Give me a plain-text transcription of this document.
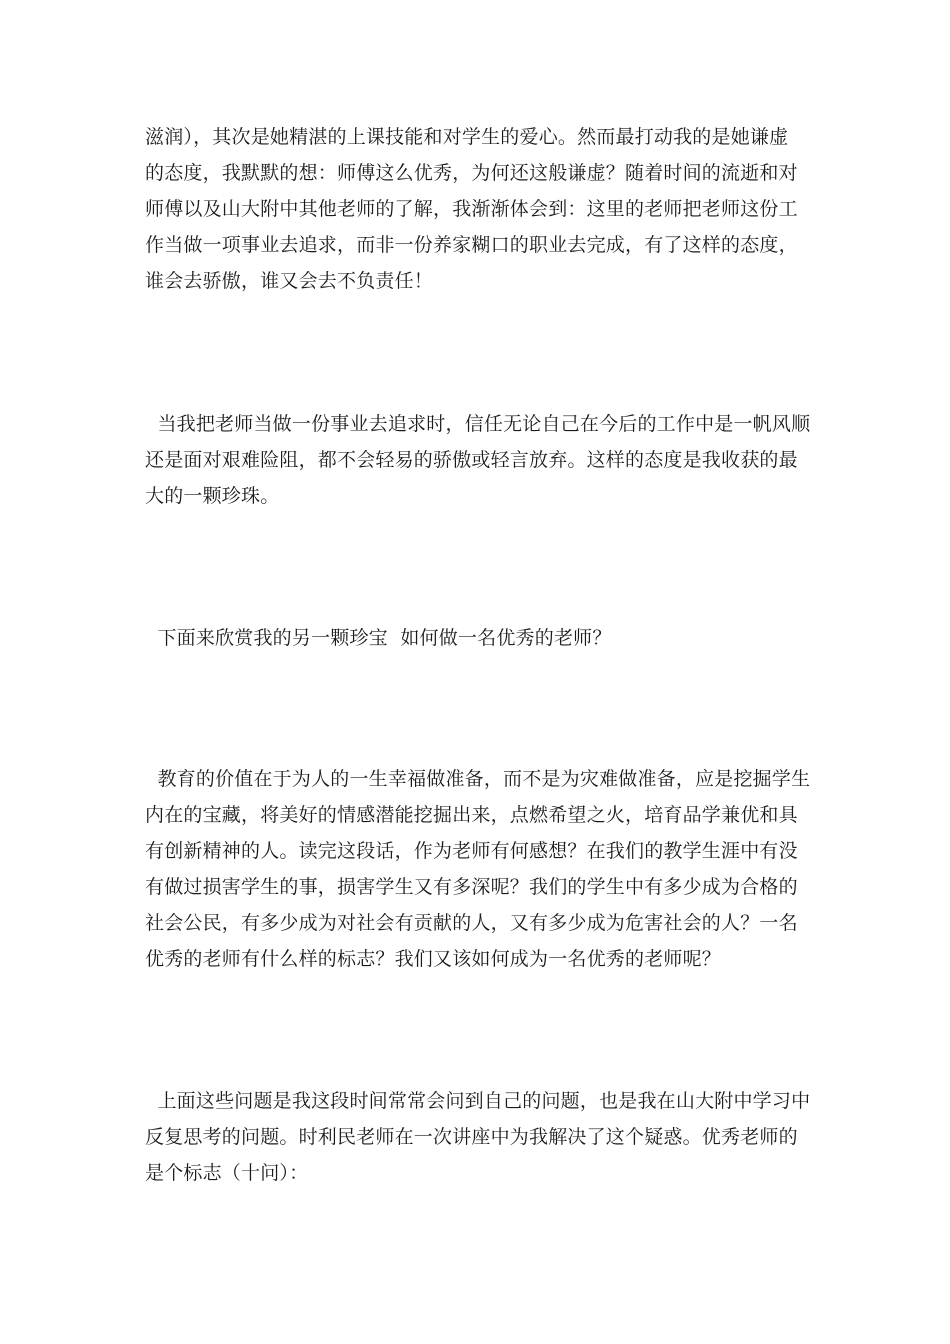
滋润），其次是她精湛的上课技能和对学生的爱心。然而最打动我的是她谦虚
的态度，我默默的想：师傅这么优秀，为何还这般谦虚？随着时间的流逝和对
师傅以及山大附中其他老师的了解，我渐渐体会到：这里的老师把老师这份工
作当做一项事业去追求，而非一份养家糊口的职业去完成，有了这样的态度，
谁会去骄傲，谁又会去不负责任！

当我把老师当做一份事业去追求时，信任无论自己在今后的工作中是一帆风顺
还是面对艰难险阻，都不会轻易的骄傲或轻言放弃。这样的态度是我收获的最
大的一颗珍珠。

下面来欣赏我的另一颗珍宝  如何做一名优秀的老师？

教育的价值在于为人的一生幸福做准备，而不是为灾难做准备，应是挖掘学生
内在的宝藏，将美好的情感潜能挖掘出来，点燃希望之火，培育品学兼优和具
有创新精神的人。读完这段话，作为老师有何感想？在我们的教学生涯中有没
有做过损害学生的事，损害学生又有多深呢？我们的学生中有多少成为合格的
社会公民，有多少成为对社会有贡献的人，又有多少成为危害社会的人？一名
优秀的老师有什么样的标志？我们又该如何成为一名优秀的老师呢？

上面这些问题是我这段时间常常会问到自己的问题，也是我在山大附中学习中
反复思考的问题。时利民老师在一次讲座中为我解决了这个疑惑。优秀老师的
是个标志（十问）：
